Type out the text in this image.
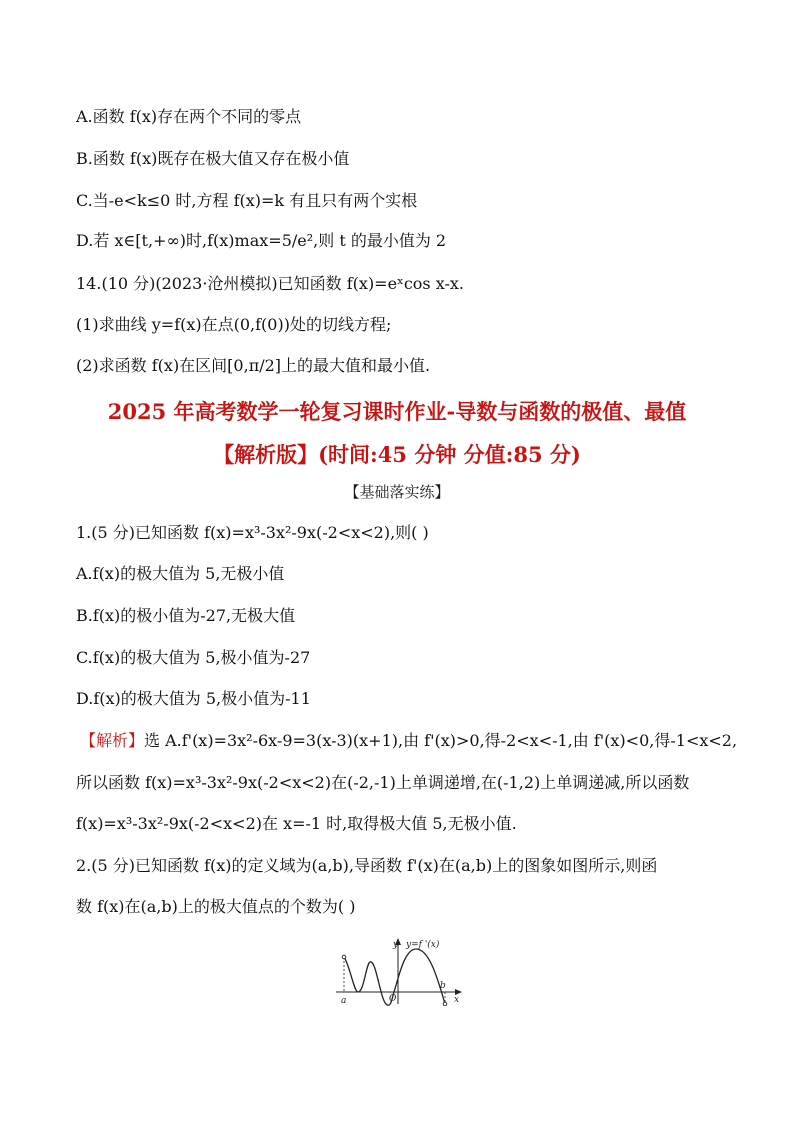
A.函数 f(x)存在两个不同的零点
B.函数 f(x)既存在极大值又存在极小值
C.当-e<k≤0 时,方程 f(x)=k 有且只有两个实根
D.若 x∈[t,+∞)时,f(x)max=5/e²,则 t 的最小值为 2
14.(10 分)(2023·沧州模拟)已知函数 f(x)=eˣcos x-x.
(1)求曲线 y=f(x)在点(0,f(0))处的切线方程;
(2)求函数 f(x)在区间[0,π/2]上的最大值和最小值.
2025 年高考数学一轮复习课时作业-导数与函数的极值、最值
【解析版】(时间:45 分钟 分值:85 分)
【基础落实练】
1.(5 分)已知函数 f(x)=x³-3x²-9x(-2<x<2),则( )
A.f(x)的极大值为 5,无极小值
B.f(x)的极小值为-27,无极大值
C.f(x)的极大值为 5,极小值为-27
D.f(x)的极大值为 5,极小值为-11
【解析】选 A.f'(x)=3x²-6x-9=3(x-3)(x+1),由 f'(x)>0,得-2<x<-1,由 f'(x)<0,得-1<x<2,
所以函数 f(x)=x³-3x²-9x(-2<x<2)在(-2,-1)上单调递增,在(-1,2)上单调递减,所以函数
f(x)=x³-3x²-9x(-2<x<2)在 x=-1 时,取得极大值 5,无极小值.
2.(5 分)已知函数 f(x)的定义域为(a,b),导函数 f'(x)在(a,b)上的图象如图所示,则函
数 f(x)在(a,b)上的极大值点的个数为( )
y y=f '(x)
a	O
b
x
